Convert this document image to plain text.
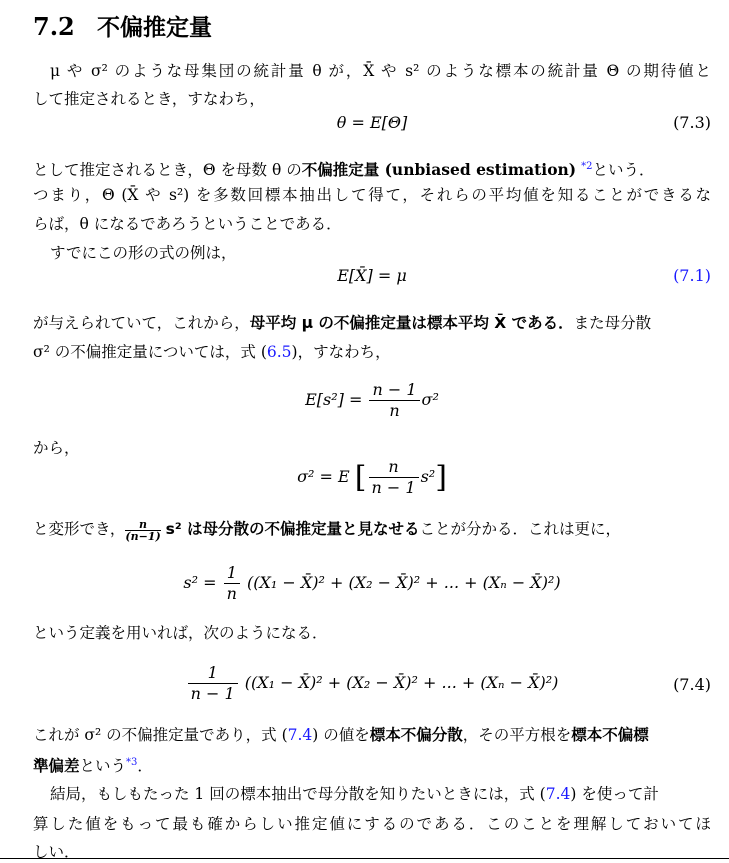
7.2 不偏推定量
μ や σ² のような母集団の統計量 θ が，X̄ や s² のような標本の統計量 Θ の期待値と
して推定されるとき，すなわち，
θ = E[Θ]	(7.3)
として推定されるとき，Θ を母数 θ の不偏推定量 (unbiased estimation) $^{*2}$という．
つまり，Θ (X̄ や s²) を多数回標本抽出して得て，それらの平均値を知ることができるな
らば，θ になるであろうということである．
すでにこの形の式の例は，
E[X̄] = μ	(7.1)
が与えられていて，これから，母平均 μ の不偏推定量は標本平均 X̄ である．また母分散
σ² の不偏推定量については，式 (6.5)，すなわち，
$E[s^2] = \frac{n - 1}{n} \sigma^2$
から，
σ² = E [ $\frac{n}{n - 1} s^2$]
と変形でき， $\frac{n}{(n-1)} s^2$ は母分散の不偏推定量と見なせることが分かる．これは更に，
$s^2 = \frac{1}{n} ((X_1$ − X̄)² + (X₂ − X̄)² + ... + (Xₙ − X̄)²)
という定義を用いれば，次のようになる．
$\frac{1}{n - 1} ((X_1$ − X̄)² + (X₂ − X̄)² + ... + (Xₙ − X̄)²)	(7.4)
これが σ² の不偏推定量であり，式 (7.4) の値を標本不偏分散，その平方根を標本不偏標
準偏差という$^{*3}$．
結局，もしもたった 1 回の標本抽出で母分散を知りたいときには，式 (7.4) を使って計
算した値をもって最も確からしい推定値にするのである．このことを理解しておいてほ
しい．
